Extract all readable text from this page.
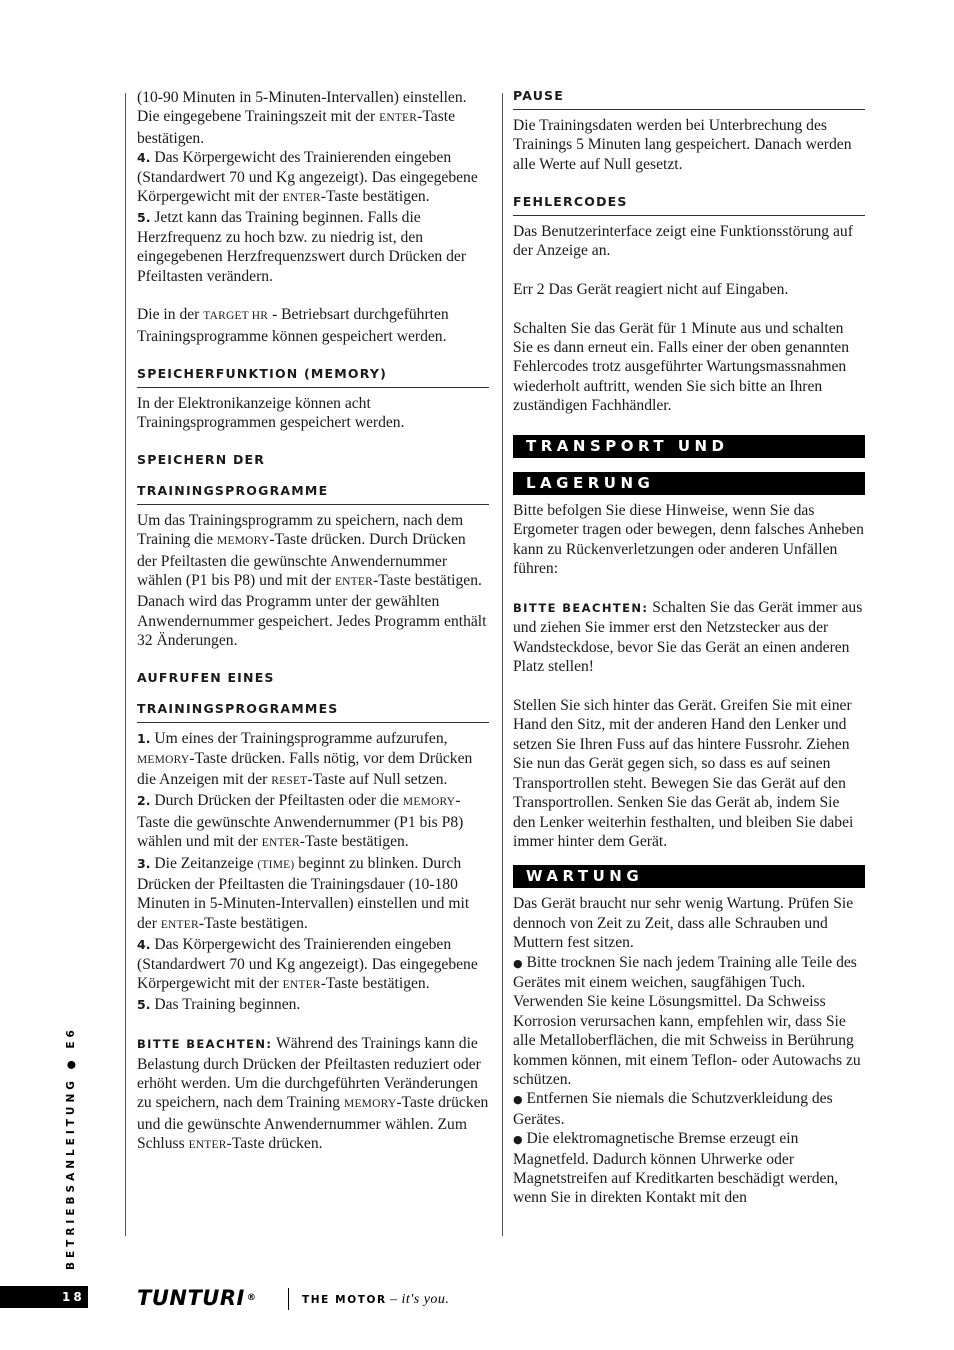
(10-90 Minuten in 5-Minuten-Intervallen) einstellen. Die eingegebene Trainingszeit mit der ENTER-Taste bestätigen.
4. Das Körpergewicht des Trainierenden eingeben (Standardwert 70 und Kg angezeigt). Das eingegebene Körpergewicht mit der ENTER-Taste bestätigen.
5. Jetzt kann das Training beginnen. Falls die Herzfrequenz zu hoch bzw. zu niedrig ist, den eingegebenen Herzfrequenzswert durch Drücken der Pfeiltasten verändern.

Die in der TARGET HR - Betriebsart durchgeführten Trainingsprogramme können gespeichert werden.

SPEICHERFUNKTION (MEMORY)

In der Elektronikanzeige können acht Trainingsprogrammen gespeichert werden.

SPEICHERN DER
TRAININGSPROGRAMME

Um das Trainingsprogramm zu speichern, nach dem Training die MEMORY-Taste drücken. Durch Drücken der Pfeiltasten die gewünschte Anwendernummer wählen (P1 bis P8) und mit der ENTER-Taste bestätigen. Danach wird das Programm unter der gewählten Anwendernummer gespeichert. Jedes Programm enthält 32 Änderungen.

AUFRUFEN EINES
TRAININGSPROGRAMMES

1. Um eines der Trainingsprogramme aufzurufen, MEMORY-Taste drücken. Falls nötig, vor dem Drücken die Anzeigen mit der RESET-Taste auf Null setzen.
2. Durch Drücken der Pfeiltasten oder die MEMORY-Taste die gewünschte Anwendernummer (P1 bis P8) wählen und mit der ENTER-Taste bestätigen.
3. Die Zeitanzeige (TIME) beginnt zu blinken. Durch Drücken der Pfeiltasten die Trainingsdauer (10-180 Minuten in 5-Minuten-Intervallen) einstellen und mit der ENTER-Taste bestätigen.
4. Das Körpergewicht des Trainierenden eingeben (Standardwert 70 und Kg angezeigt). Das eingegebene Körpergewicht mit der ENTER-Taste bestätigen.
5. Das Training beginnen.

BITTE BEACHTEN: Während des Trainings kann die Belastung durch Drücken der Pfeiltasten reduziert oder erhöht werden. Um die durchgeführten Veränderungen zu speichern, nach dem Training MEMORY-Taste drücken und die gewünschte Anwendernummer wählen. Zum Schluss ENTER-Taste drücken.

PAUSE

Die Trainingsdaten werden bei Unterbrechung des Trainings 5 Minuten lang gespeichert. Danach werden alle Werte auf Null gesetzt.

FEHLERCODES

Das Benutzerinterface zeigt eine Funktionsstörung auf der Anzeige an.

Err 2 Das Gerät reagiert nicht auf Eingaben.

Schalten Sie das Gerät für 1 Minute aus und schalten Sie es dann erneut ein. Falls einer der oben genannten Fehlercodes trotz ausgeführter Wartungsmassnahmen wiederholt auftritt, wenden Sie sich bitte an Ihren zuständigen Fachhändler.

TRANSPORT UND
LAGERUNG

Bitte befolgen Sie diese Hinweise, wenn Sie das Ergometer tragen oder bewegen, denn falsches Anheben kann zu Rückenverletzungen oder anderen Unfällen führen:

BITTE BEACHTEN: Schalten Sie das Gerät immer aus und ziehen Sie immer erst den Netzstecker aus der Wandsteckdose, bevor Sie das Gerät an einen anderen Platz stellen!

Stellen Sie sich hinter das Gerät. Greifen Sie mit einer Hand den Sitz, mit der anderen Hand den Lenker und setzen Sie Ihren Fuss auf das hintere Fussrohr. Ziehen Sie nun das Gerät gegen sich, so dass es auf seinen Transportrollen steht. Bewegen Sie das Gerät auf den Transportrollen. Senken Sie das Gerät ab, indem Sie den Lenker weiterhin festhalten, und bleiben Sie dabei immer hinter dem Gerät.

WARTUNG

Das Gerät braucht nur sehr wenig Wartung. Prüfen Sie dennoch von Zeit zu Zeit, dass alle Schrauben und Muttern fest sitzen.
● Bitte trocknen Sie nach jedem Training alle Teile des Gerätes mit einem weichen, saugfähigen Tuch. Verwenden Sie keine Lösungsmittel. Da Schweiss Korrosion verursachen kann, empfehlen wir, dass Sie alle Metalloberflächen, die mit Schweiss in Berührung kommen können, mit einem Teflon- oder Autowachs zu schützen.
● Entfernen Sie niemals die Schutzverkleidung des Gerätes.
● Die elektromagnetische Bremse erzeugt ein Magnetfeld. Dadurch können Uhrwerke oder Magnetstreifen auf Kreditkarten beschädigt werden, wenn Sie in direkten Kontakt mit den

BETRIEBSANLEITUNG ● E6
18 TUNTURI ®	THE MOTOR – it's you.
